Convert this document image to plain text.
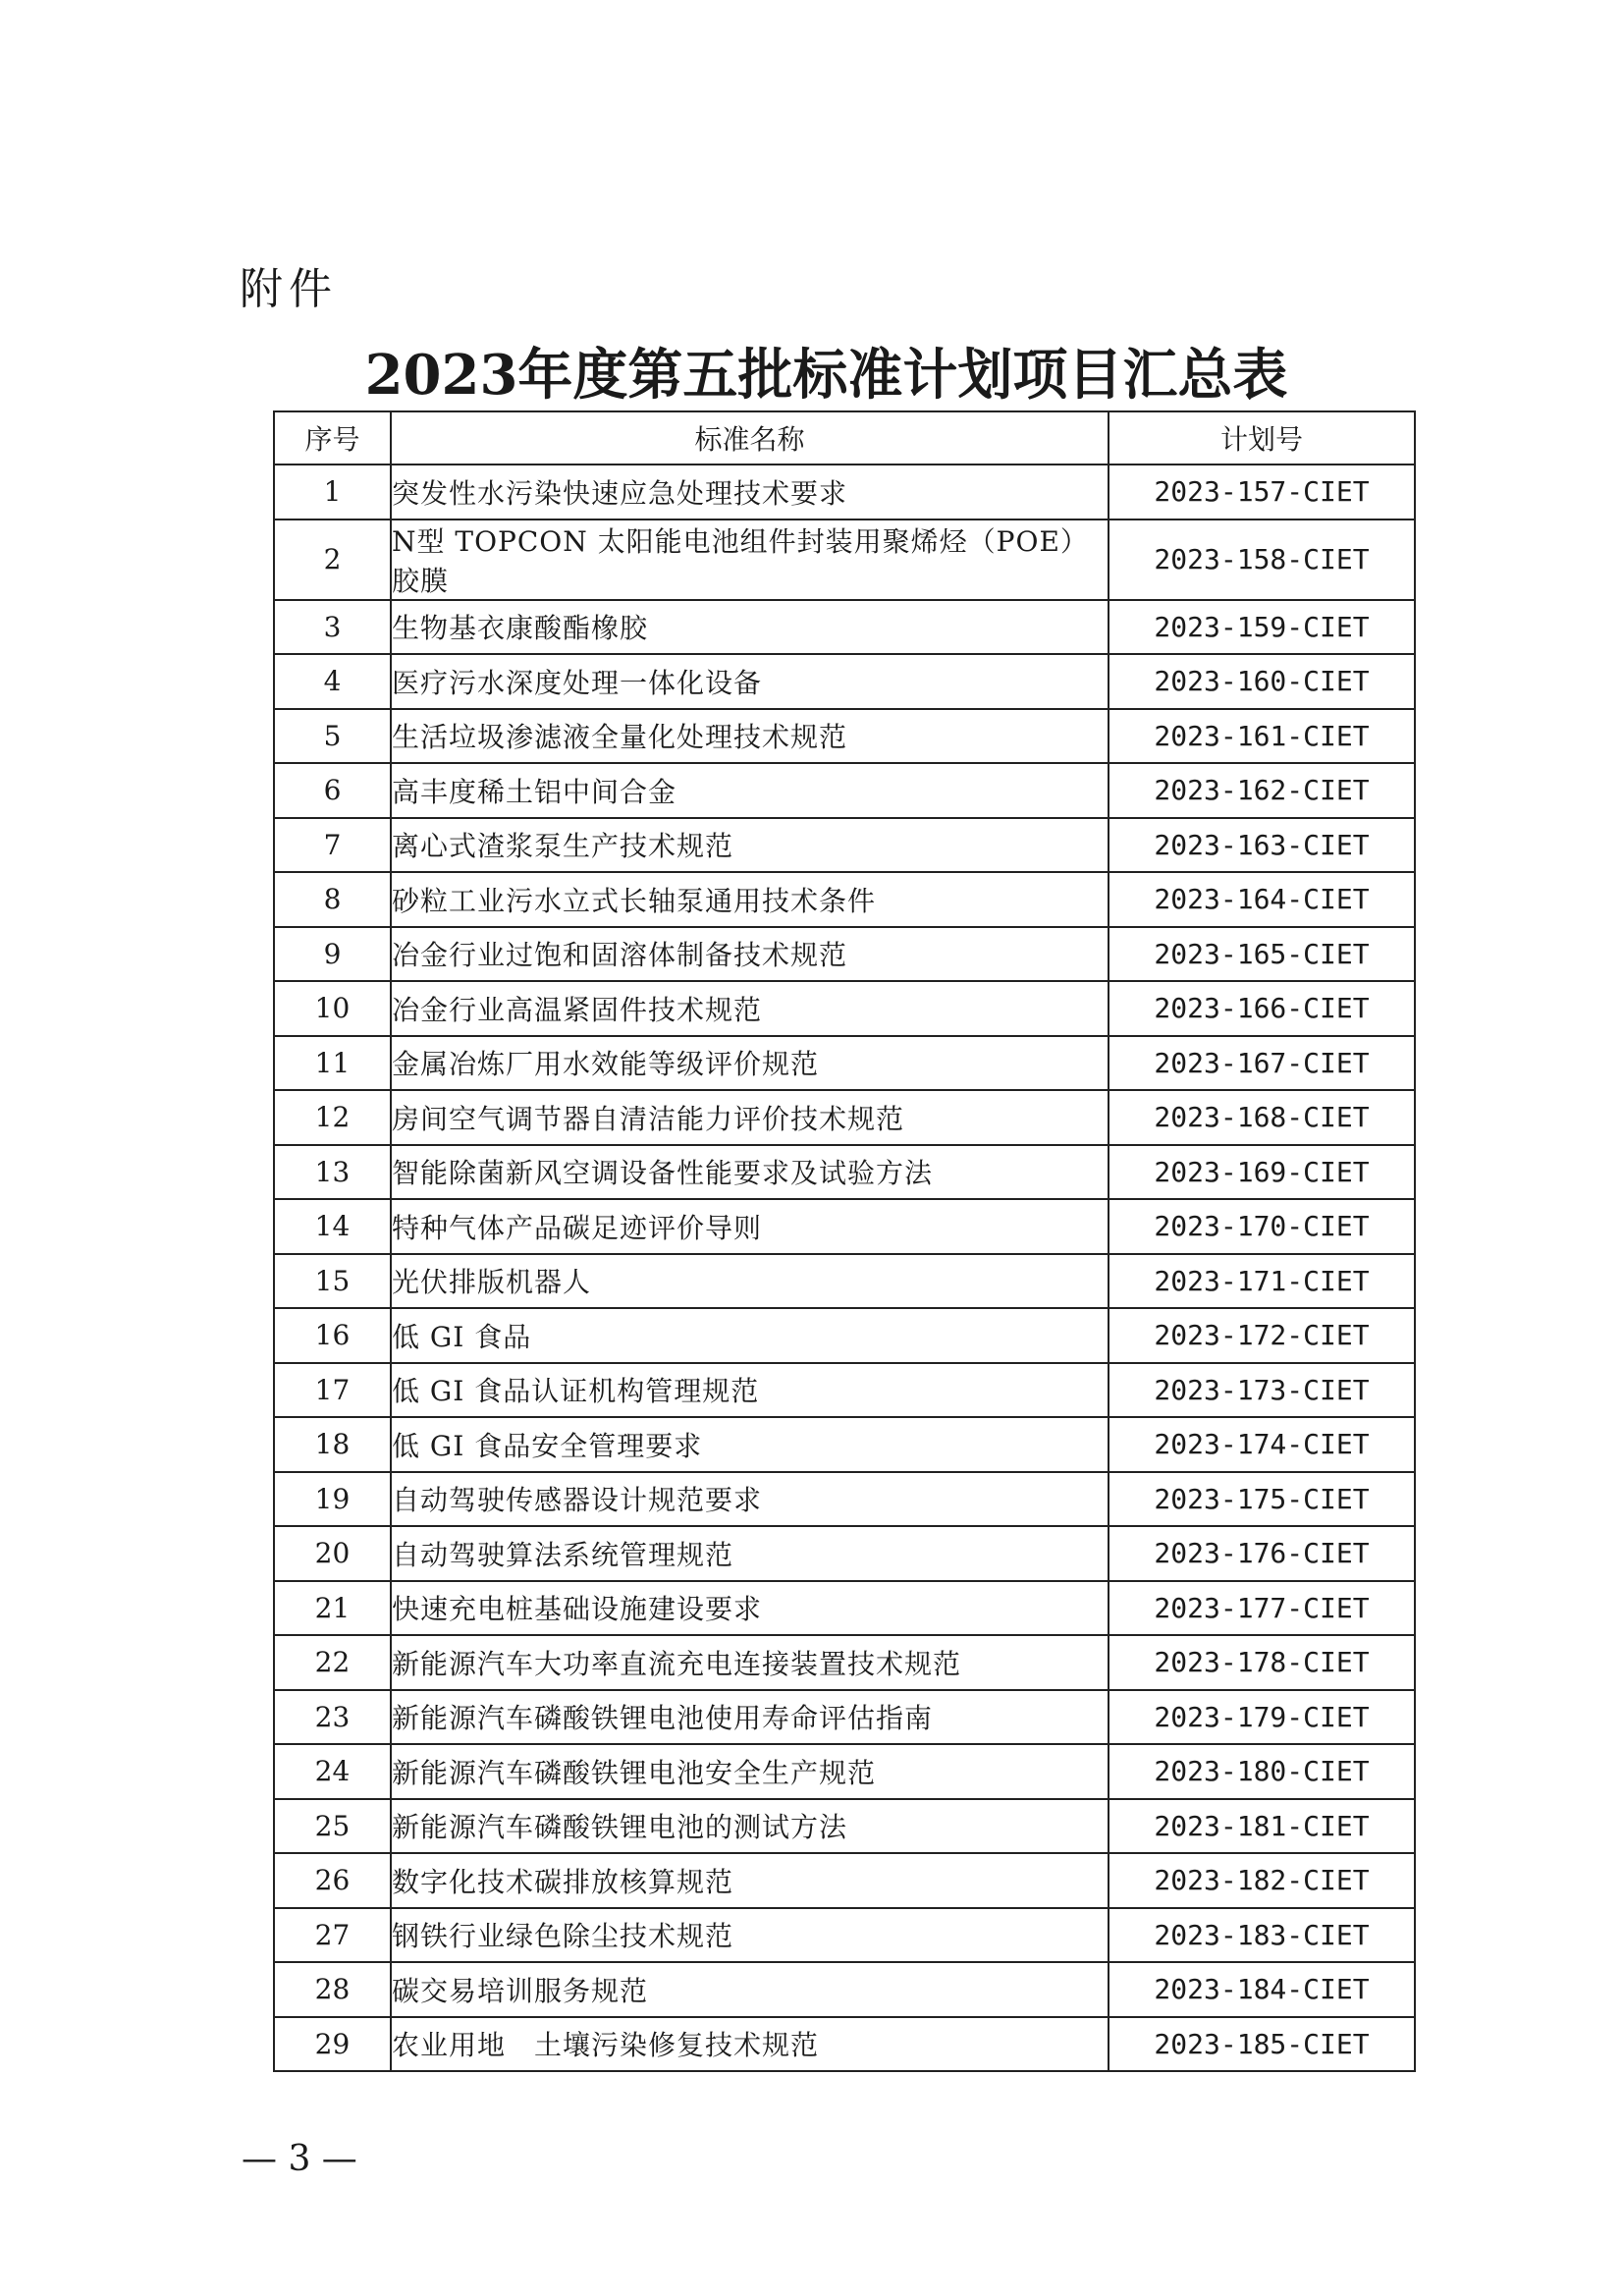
附件
2023年度第五批标准计划项目汇总表
序号	标准名称	计划号
1	突发性水污染快速应急处理技术要求	2023-157-CIET
2	N型 TOPCON 太阳能电池组件封装用聚烯烃（POE）胶膜	2023-158-CIET
3	生物基衣康酸酯橡胶	2023-159-CIET
4	医疗污水深度处理一体化设备	2023-160-CIET
5	生活垃圾渗滤液全量化处理技术规范	2023-161-CIET
6	高丰度稀土铝中间合金	2023-162-CIET
7	离心式渣浆泵生产技术规范	2023-163-CIET
8	砂粒工业污水立式长轴泵通用技术条件	2023-164-CIET
9	冶金行业过饱和固溶体制备技术规范	2023-165-CIET
10	冶金行业高温紧固件技术规范	2023-166-CIET
11	金属冶炼厂用水效能等级评价规范	2023-167-CIET
12	房间空气调节器自清洁能力评价技术规范	2023-168-CIET
13	智能除菌新风空调设备性能要求及试验方法	2023-169-CIET
14	特种气体产品碳足迹评价导则	2023-170-CIET
15	光伏排版机器人	2023-171-CIET
16	低 GI 食品	2023-172-CIET
17	低 GI 食品认证机构管理规范	2023-173-CIET
18	低 GI 食品安全管理要求	2023-174-CIET
19	自动驾驶传感器设计规范要求	2023-175-CIET
20	自动驾驶算法系统管理规范	2023-176-CIET
21	快速充电桩基础设施建设要求	2023-177-CIET
22	新能源汽车大功率直流充电连接装置技术规范	2023-178-CIET
23	新能源汽车磷酸铁锂电池使用寿命评估指南	2023-179-CIET
24	新能源汽车磷酸铁锂电池安全生产规范	2023-180-CIET
25	新能源汽车磷酸铁锂电池的测试方法	2023-181-CIET
26	数字化技术碳排放核算规范	2023-182-CIET
27	钢铁行业绿色除尘技术规范	2023-183-CIET
28	碳交易培训服务规范	2023-184-CIET
29	农业用地　土壤污染修复技术规范	2023-185-CIET
— 3 —
